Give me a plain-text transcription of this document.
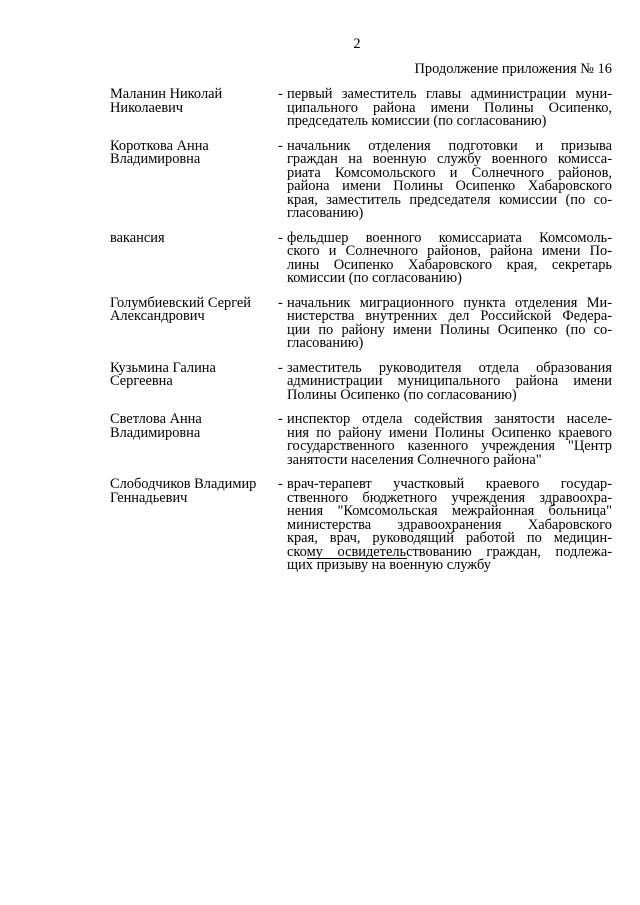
2
Продолжение приложения № 16
Маланин Николай
Николаевич
- первый заместитель главы администрации муни-
ципального района имени Полины Осипенко,
председатель комиссии (по согласованию)
Короткова Анна
Владимировна
- начальник отделения подготовки и призыва
граждан на военную службу военного комисса-
риата Комсомольского и Солнечного районов,
района имени Полины Осипенко Хабаровского
края, заместитель председателя комиссии (по со-
гласованию)
вакансия	- фельдшер военного комиссариата Комсомоль-
ского и Солнечного районов, района имени По-
лины Осипенко Хабаровского края, секретарь
комиссии (по согласованию)
Голумбиевский Сергей
Александрович
- начальник миграционного пункта отделения Ми-
нистерства внутренних дел Российской Федера-
ции по району имени Полины Осипенко (по со-
гласованию)
Кузьмина Галина
Сергеевна
- заместитель руководителя отдела образования
администрации муниципального района имени
Полины Осипенко (по согласованию)
Светлова Анна
Владимировна
- инспектор отдела содействия занятости населе-
ния по району имени Полины Осипенко краевого
государственного казенного учреждения "Центр
занятости населения Солнечного района"
Слободчиков Владимир
Геннадьевич
- врач-терапевт участковый краевого государ-
ственного бюджетного учреждения здравоохра-
нения "Комсомольская межрайонная больница"
министерства здравоохранения Хабаровского
края, врач, руководящий работой по медицин-
скому освидетельствованию граждан, подлежа-
щих призыву на военную службу
